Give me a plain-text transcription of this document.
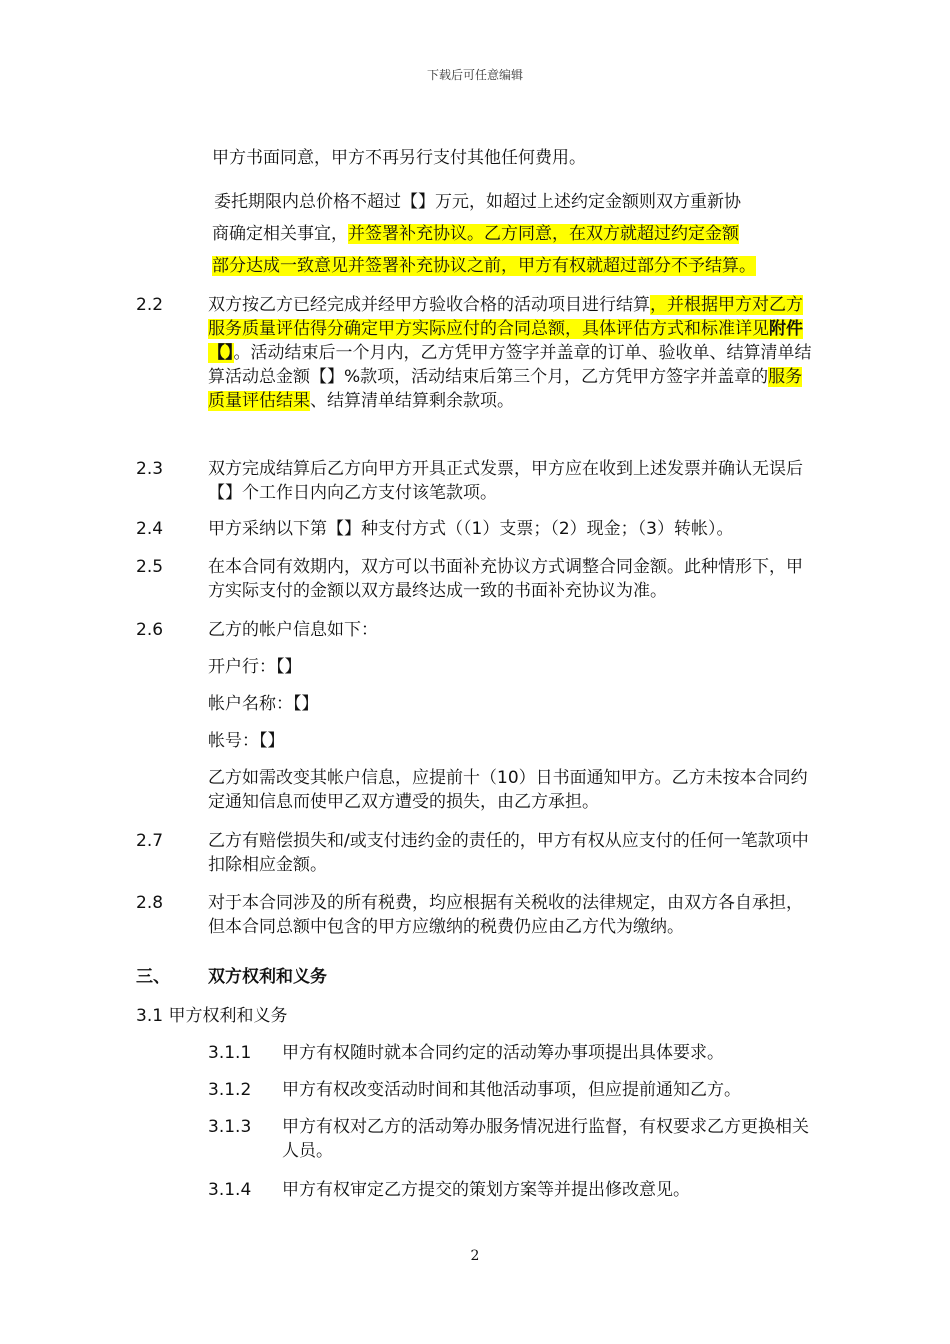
下载后可任意编辑
甲方书面同意，甲方不再另行支付其他任何费用。
委托期限内总价格不超过【】万元，如超过上述约定金额则双方重新协
商确定相关事宜，并签署补充协议。乙方同意，在双方就超过约定金额
部分达成一致意见并签署补充协议之前，甲方有权就超过部分不予结算。
2.2	双方按乙方已经完成并经甲方验收合格的活动项目进行结算，并根据甲方对乙方服务质量评估得分确定甲方实际应付的合同总额，具体评估方式和标准详见附件【】。活动结束后一个月内，乙方凭甲方签字并盖章的订单、验收单、结算清单结算活动总金额【】%款项，活动结束后第三个月，乙方凭甲方签字并盖章的服务质量评估结果、结算清单结算剩余款项。
2.3	双方完成结算后乙方向甲方开具正式发票，甲方应在收到上述发票并确认无误后【】个工作日内向乙方支付该笔款项。
2.4	甲方采纳以下第【】种支付方式（（1）支票；（2）现金；（3）转帐）。
2.5	在本合同有效期内，双方可以书面补充协议方式调整合同金额。此种情形下，甲方实际支付的金额以双方最终达成一致的书面补充协议为准。
2.6	乙方的帐户信息如下：
开户行：【】
帐户名称：【】
帐号：【】
乙方如需改变其帐户信息，应提前十（10）日书面通知甲方。乙方未按本合同约定通知信息而使甲乙双方遭受的损失，由乙方承担。
2.7	乙方有赔偿损失和/或支付违约金的责任的，甲方有权从应支付的任何一笔款项中扣除相应金额。
2.8	对于本合同涉及的所有税费，均应根据有关税收的法律规定，由双方各自承担，但本合同总额中包含的甲方应缴纳的税费仍应由乙方代为缴纳。
三、 双方权利和义务
3.1 甲方权利和义务
3.1.1 甲方有权随时就本合同约定的活动筹办事项提出具体要求。
3.1.2 甲方有权改变活动时间和其他活动事项，但应提前通知乙方。
3.1.3 甲方有权对乙方的活动筹办服务情况进行监督，有权要求乙方更换相关人员。
3.1.4 甲方有权审定乙方提交的策划方案等并提出修改意见。
2
